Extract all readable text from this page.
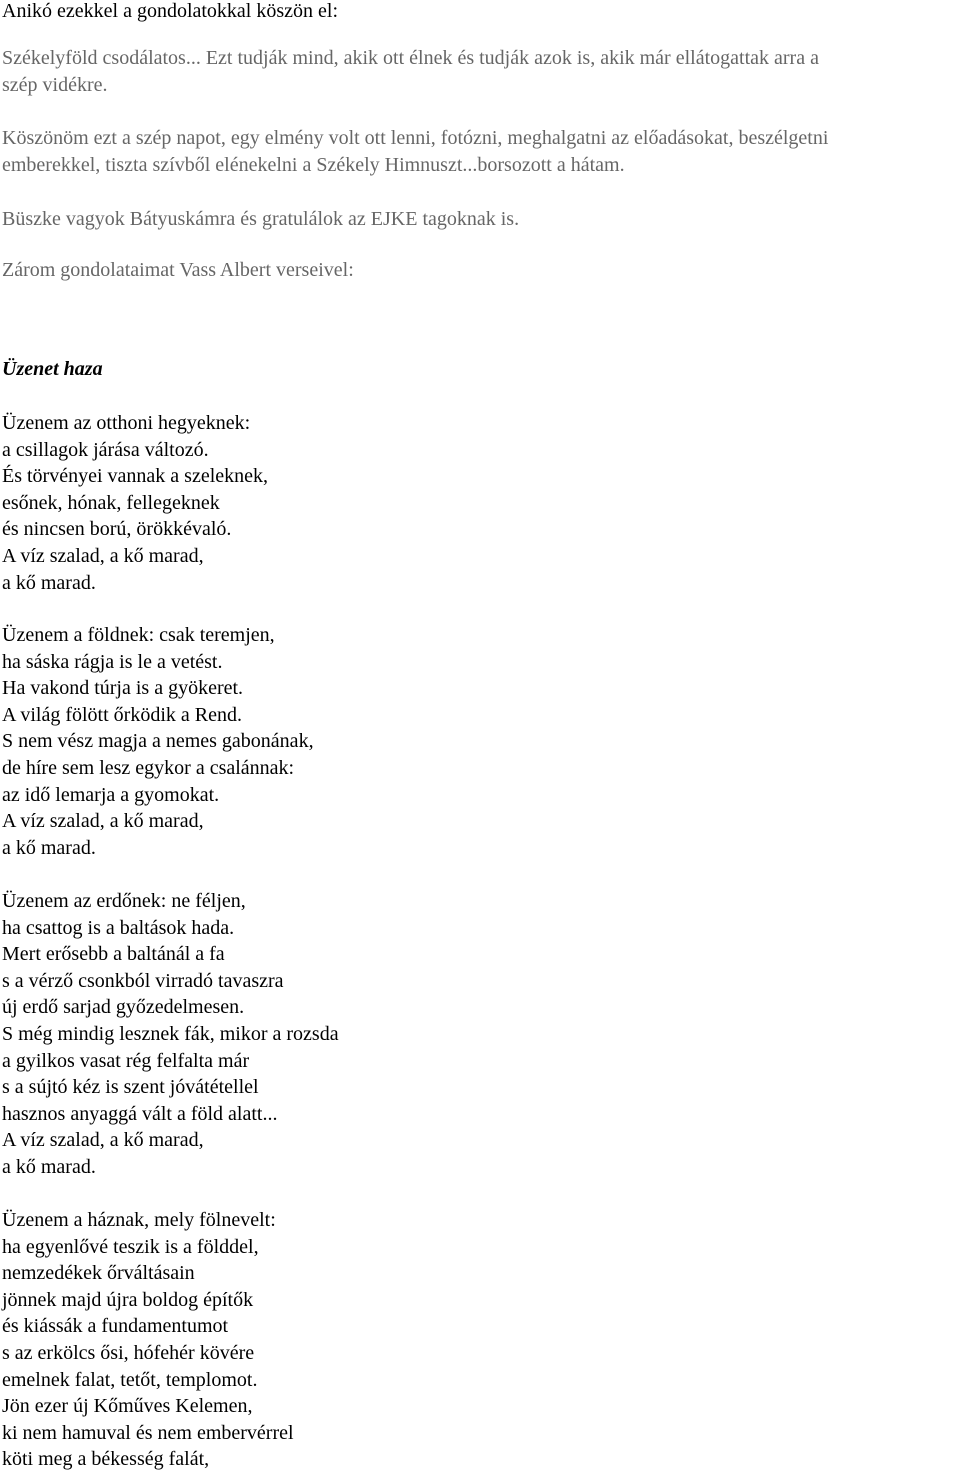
Anikó ezekkel a gondolatokkal köszön el:

Székelyföld csodálatos... Ezt tudják mind, akik ott élnek és tudják azok is, akik már ellátogattak arra a

szép vidékre.

Köszönöm ezt a szép napot, egy elmény volt ott lenni, fotózni, meghalgatni az előadásokat, beszélgetni

emberekkel, tiszta szívből elénekelni a Székely Himnuszt...borsozott a hátam.

Büszke vagyok Bátyuskámra és gratulálok az EJKE tagoknak is.

Zárom gondolataimat Vass Albert verseivel:

Üzenet haza

Üzenem az otthoni hegyeknek:

a csillagok járása változó.

És törvényei vannak a szeleknek,

esőnek, hónak, fellegeknek

és nincsen ború, örökkévaló.

A víz szalad, a kő marad,

a kő marad.

Üzenem a földnek: csak teremjen,

ha sáska rágja is le a vetést.

Ha vakond túrja is a gyökeret.

A világ fölött őrködik a Rend.

S nem vész magja a nemes gabonának,

de híre sem lesz egykor a csalánnak:

az idő lemarja a gyomokat.

A víz szalad, a kő marad,

a kő marad.

Üzenem az erdőnek: ne féljen,

ha csattog is a baltások hada.

Mert erősebb a baltánál a fa

s a vérző csonkból virradó tavaszra

új erdő sarjad győzedelmesen.

S még mindig lesznek fák, mikor a rozsda

a gyilkos vasat rég felfalta már

s a sújtó kéz is szent jóvátétellel

hasznos anyaggá vált a föld alatt...

A víz szalad, a kő marad,

a kő marad.

Üzenem a háznak, mely fölnevelt:

ha egyenlővé teszik is a földdel,

nemzedékek őrváltásain

jönnek majd újra boldog építők

és kiássák a fundamentumot

s az erkölcs ősi, hófehér kövére

emelnek falat, tetőt, templomot.

Jön ezer új Kőműves Kelemen,

ki nem hamuval és nem embervérrel

köti meg a békesség falát,
